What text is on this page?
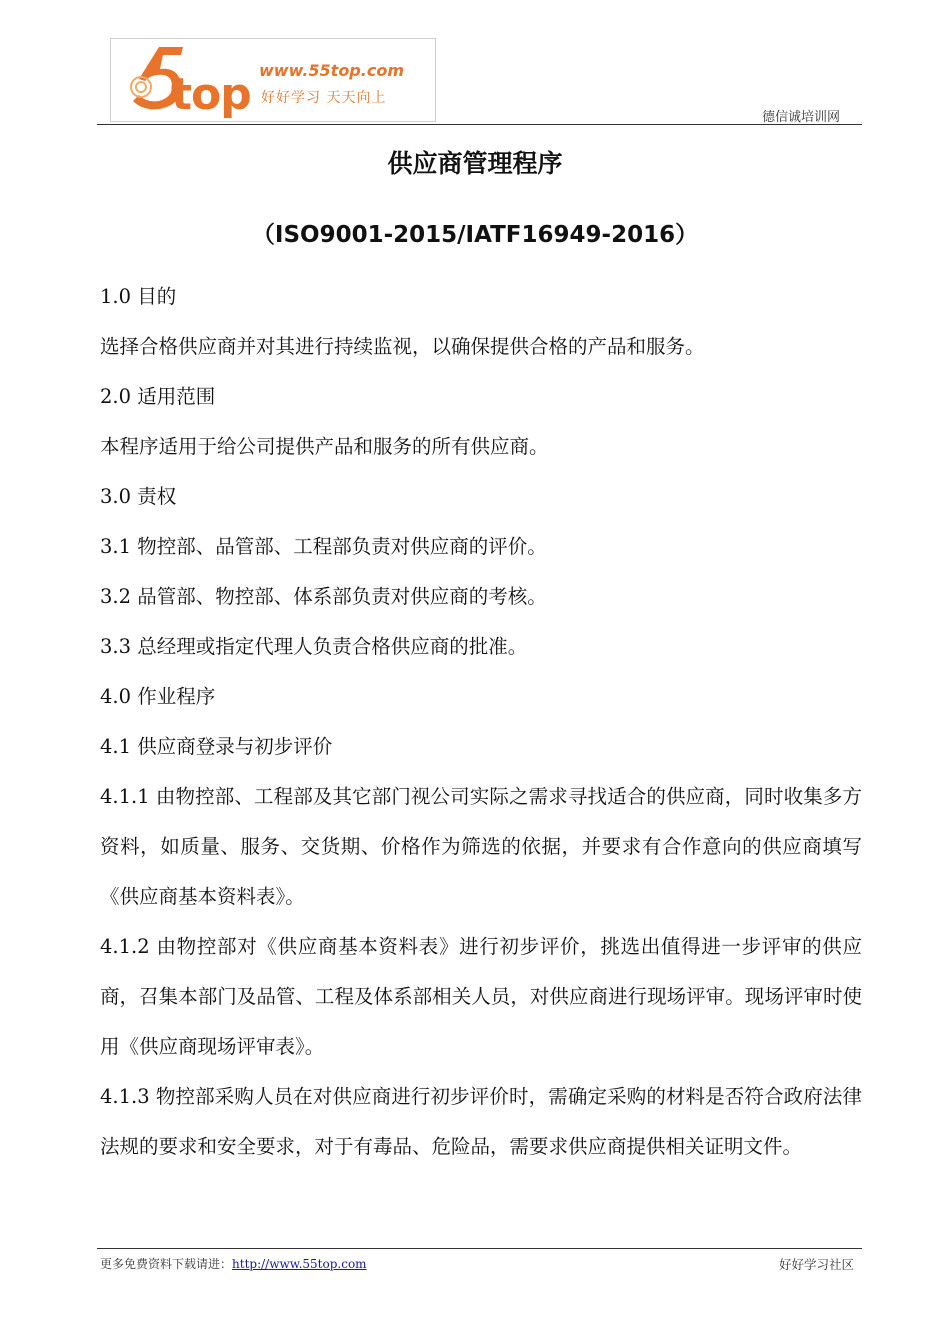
top www.55top.com
好好学习 天天向上
德信诚培训网
供应商管理程序
（ISO9001-2015/IATF16949-2016）

1.0 目的

选择合格供应商并对其进行持续监视，以确保提供合格的产品和服务。

2.0 适用范围

本程序适用于给公司提供产品和服务的所有供应商。

3.0 责权

3.1 物控部、品管部、工程部负责对供应商的评价。

3.2 品管部、物控部、体系部负责对供应商的考核。

3.3 总经理或指定代理人负责合格供应商的批准。

4.0 作业程序

4.1 供应商登录与初步评价

4.1.1 由物控部、工程部及其它部门视公司实际之需求寻找适合的供应商，同时收集多方资料，如质量、服务、交货期、价格作为筛选的依据，并要求有合作意向的供应商填写《供应商基本资料表》。

4.1.2 由物控部对《供应商基本资料表》进行初步评价，挑选出值得进一步评审的供应商，召集本部门及品管、工程及体系部相关人员，对供应商进行现场评审。现场评审时使用《供应商现场评审表》。

4.1.3 物控部采购人员在对供应商进行初步评价时，需确定采购的材料是否符合政府法律法规的要求和安全要求，对于有毒品、危险品，需要求供应商提供相关证明文件。

更多免费资料下载请进：http://www.55top.com	好好学习社区
